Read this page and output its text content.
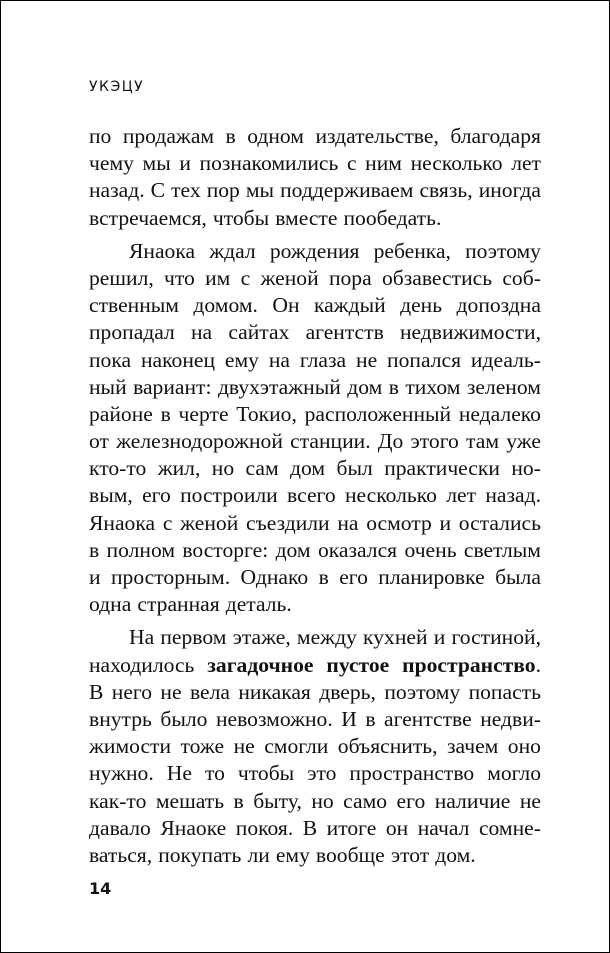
УКЭЦУ
по продажам в одном издательстве, благодаря
чему мы и познакомились с ним несколько лет
назад. С тех пор мы поддерживаем связь, иногда
встречаемся, чтобы вместе пообедать.
Янаока ждал рождения ребенка, поэтому
решил, что им с женой пора обзавестись соб-
ственным домом. Он каждый день допоздна
пропадал на сайтах агентств недвижимости,
пока наконец ему на глаза не попался идеаль-
ный вариант: двухэтажный дом в тихом зеленом
районе в черте Токио, расположенный недалеко
от железнодорожной станции. До этого там уже
кто-то жил, но сам дом был практически но-
вым, его построили всего несколько лет назад.
Янаока с женой съездили на осмотр и остались
в полном восторге: дом оказался очень светлым
и просторным. Однако в его планировке была
одна странная деталь.
На первом этаже, между кухней и гостиной,
находилось загадочное пустое пространство.
В него не вела никакая дверь, поэтому попасть
внутрь было невозможно. И в агентстве недви-
жимости тоже не смогли объяснить, зачем оно
нужно. Не то чтобы это пространство могло
как-то мешать в быту, но само его наличие не
давало Янаоке покоя. В итоге он начал сомне-
ваться, покупать ли ему вообще этот дом.
14
